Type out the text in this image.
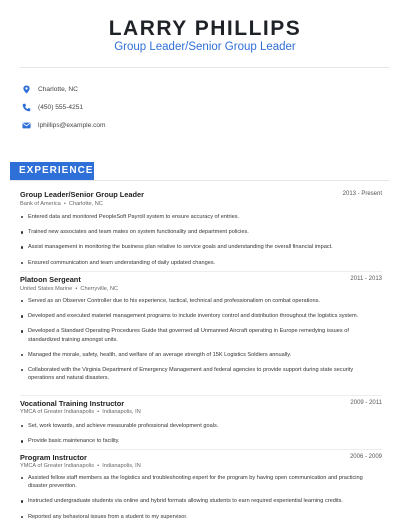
LARRY PHILLIPS
Group Leader/Senior Group Leader
Charlotte, NC
(450) 555-4251
lphillips@example.com
EXPERIENCE
Group Leader/Senior Group Leader	2013 - Present
Bank of America  •  Charlotte, NC
Entered data and monitored PeopleSoft Payroll system to ensure accuracy of entries.
Trained new associates and team mates on system functionality and department policies.
Assist management in monitoring the business plan relative to service goals and understanding the overall financial impact.
Ensured communication and team understanding of daily updated changes.
Platoon Sergeant	2011 - 2013
United States Marine  •  Cherryville, NC
Served as an Observer Controller due to his experience, tactical, technical and professionalism on combat operations.
Developed and executed materiel management programs to include inventory control and distribution throughout the logistics system.
Developed a Standard Operating Procedures Guide that governed all Unmanned Aircraft operating in Europe remedying issues of standardized training amongst units.
Managed the morale, safety, health, and welfare of an average strength of 15K Logistics Soldiers annually.
Collaborated with the Virginia Department of Emergency Management and federal agencies to provide support during state security operations and natural disasters.
Vocational Training Instructor	2009 - 2011
YMCA of Greater Indianapolis  •  Indianapolis, IN
Set, work towards, and achieve measurable professional development goals.
Provide basic maintenance to facility.
Program Instructor	2006 - 2009
YMCA of Greater Indianapolis  •  Indianapolis, IN
Assisted fellow staff members as the logistics and troubleshooting expert for the program by having open communication and practicing disaster prevention.
Instructed undergraduate students via online and hybrid formats allowing students to earn required experiential learning credits.
Reported any behavioral issues from a student to my supervisor.
